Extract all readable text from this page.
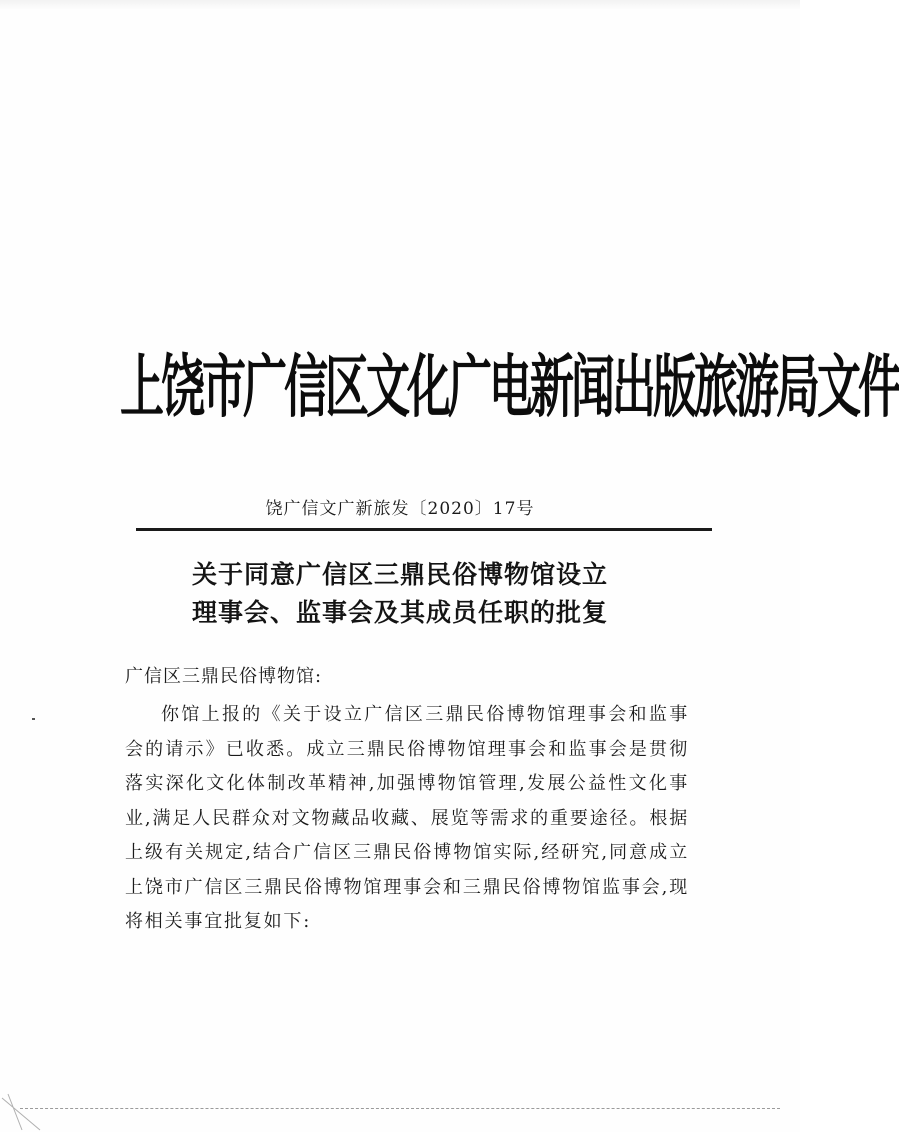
上饶市广信区文化广电新闻出版旅游局文件
饶广信文广新旅发〔2020〕17号
关于同意广信区三鼎民俗博物馆设立
理事会、监事会及其成员任职的批复
广信区三鼎民俗博物馆:
你馆上报的《关于设立广信区三鼎民俗博物馆理事会和监事会的请示》已收悉。成立三鼎民俗博物馆理事会和监事会是贯彻落实深化文化体制改革精神,加强博物馆管理,发展公益性文化事业,满足人民群众对文物藏品收藏、展览等需求的重要途径。根据上级有关规定,结合广信区三鼎民俗博物馆实际,经研究,同意成立上饶市广信区三鼎民俗博物馆理事会和三鼎民俗博物馆监事会,现将相关事宜批复如下:
